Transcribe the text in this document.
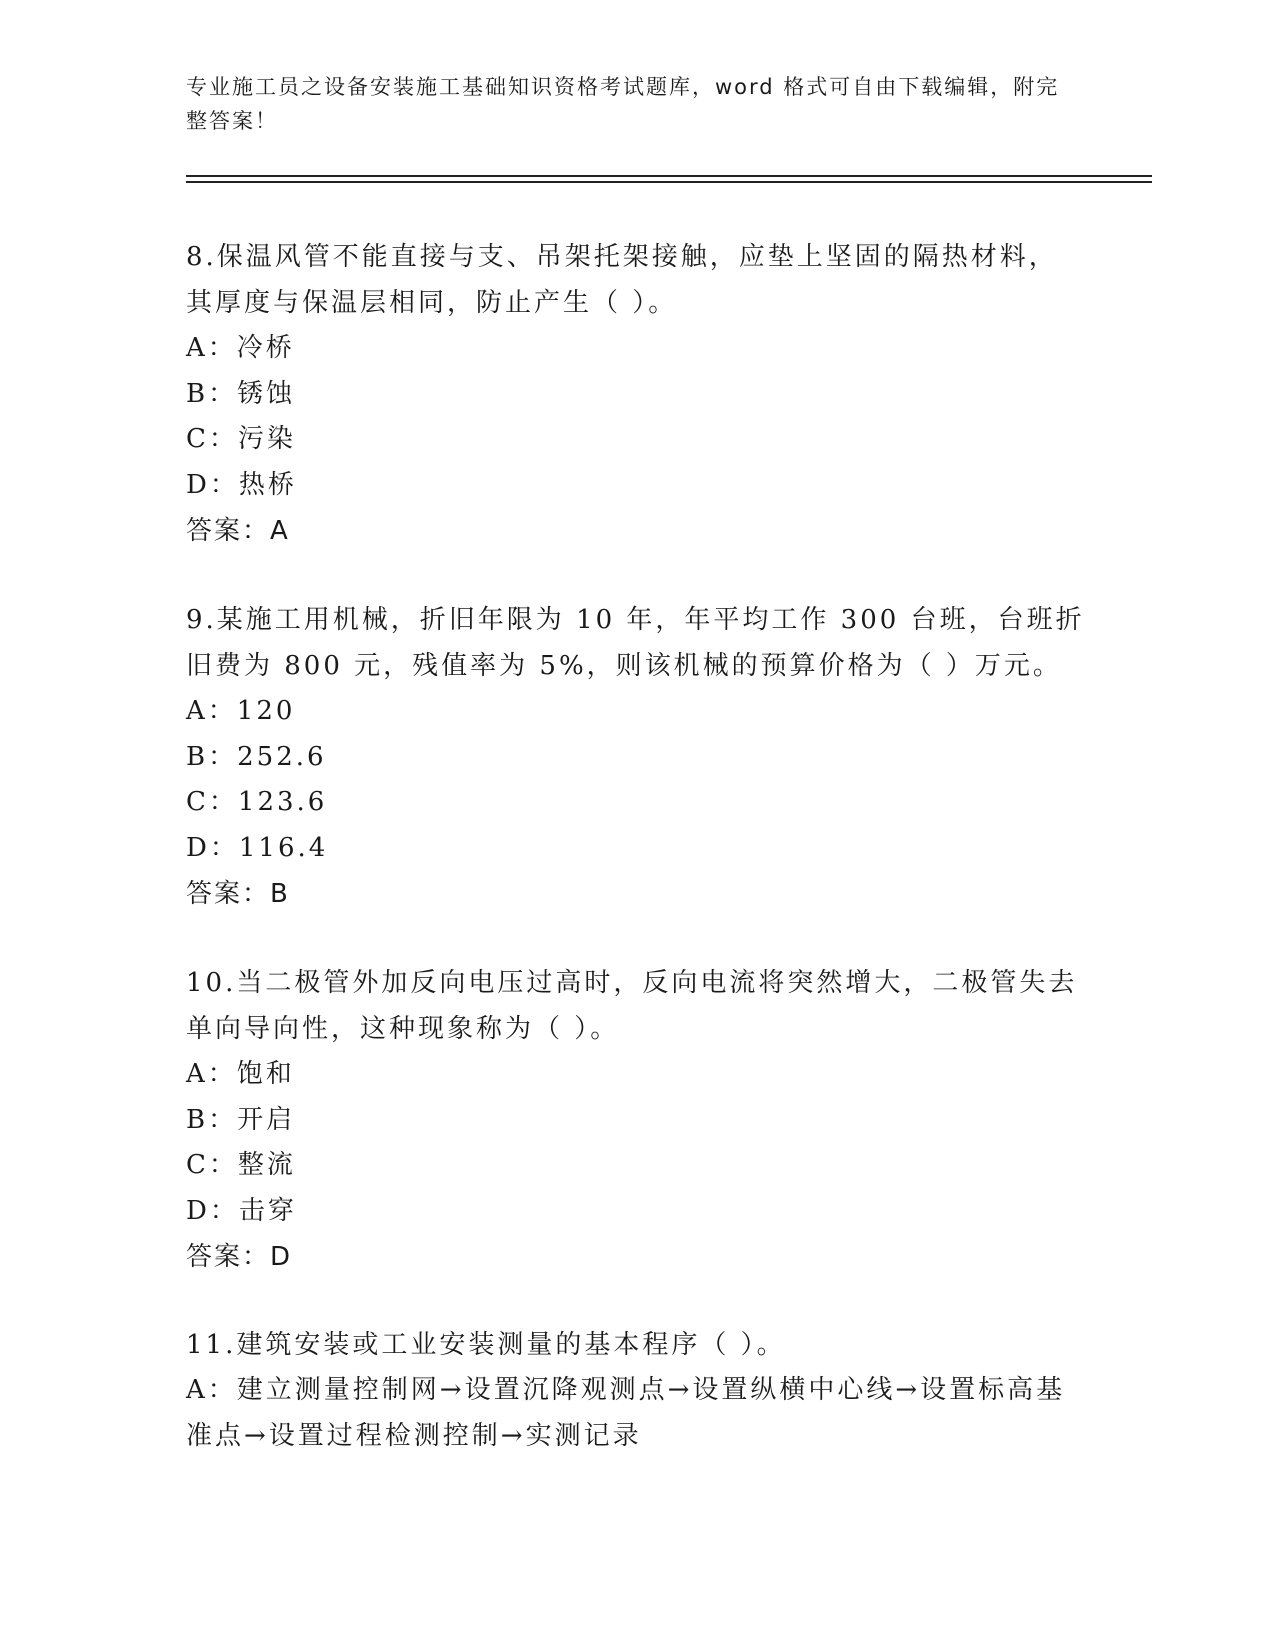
专业施工员之设备安装施工基础知识资格考试题库，word 格式可自由下载编辑，附完整答案！

8.保温风管不能直接与支、吊架托架接触，应垫上坚固的隔热材料，其厚度与保温层相同，防止产生（ ）。

A：冷桥

B：锈蚀

C：污染

D：热桥

答案：A

9.某施工用机械，折旧年限为 10 年，年平均工作 300 台班，台班折旧费为 800 元，残值率为 5%，则该机械的预算价格为（ ）万元。

A：120

B：252.6

C：123.6

D：116.4

答案：B

10.当二极管外加反向电压过高时，反向电流将突然增大，二极管失去单向导向性，这种现象称为（ ）。

A：饱和

B：开启

C：整流

D：击穿

答案：D

11.建筑安装或工业安装测量的基本程序（ ）。

A：建立测量控制网→设置沉降观测点→设置纵横中心线→设置标高基准点→设置过程检测控制→实测记录
